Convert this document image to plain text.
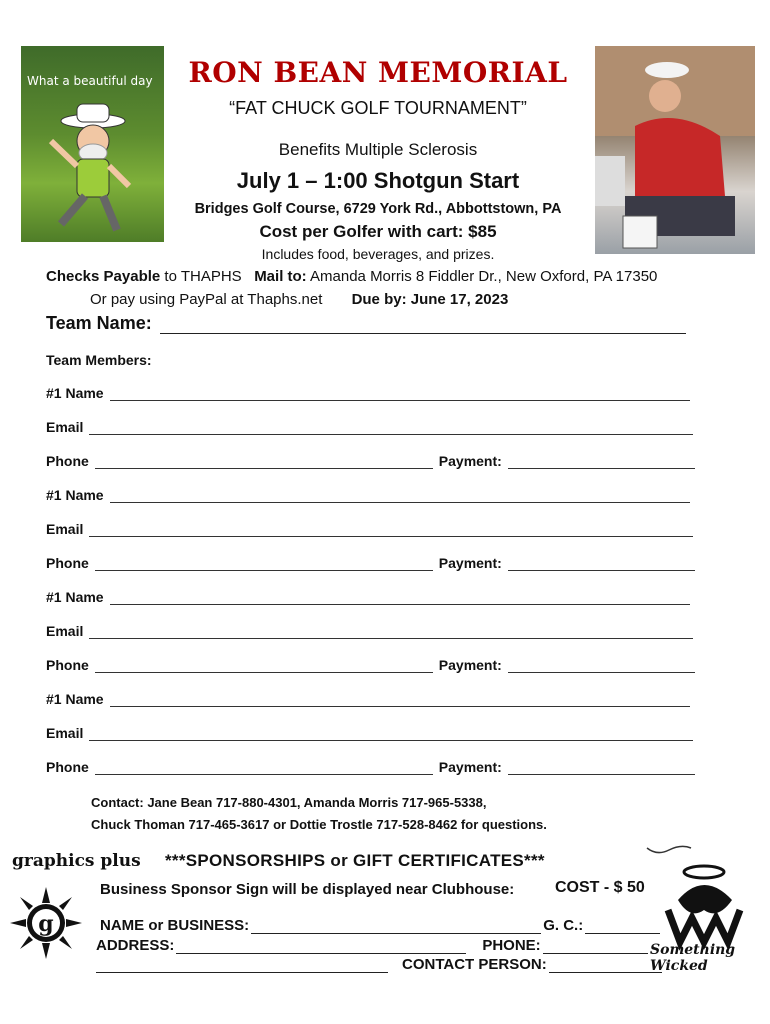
What a beautiful day	RON BEAN MEMORIAL
“FAT CHUCK GOLF TOURNAMENT”
Benefits Multiple Sclerosis
July 1 – 1:00 Shotgun Start
Bridges Golf Course, 6729 York Rd., Abbottstown, PA
Cost per Golfer with cart: $85
Includes food, beverages, and prizes.
Checks Payable to THAPHS Mail to: Amanda Morris 8 Fiddler Dr., New Oxford, PA 17350
Or pay using PayPal at Thaphs.net Due by: June 17, 2023
Team Name:
Team Members:
#1 Name
Email
Phone	Payment:
#1 Name
Email
Phone	Payment:
#1 Name
Email
Phone	Payment:
#1 Name
Email
Phone	Payment:
Contact: Jane Bean 717-880-4301, Amanda Morris 717-965-5338,
Chuck Thoman 717-465-3617 or Dottie Trostle 717-528-8462 for questions.
graphics plus ***SPONSORSHIPS or GIFT CERTIFICATES***
Business Sponsor Sign will be displayed near Clubhouse:	COST - $ 50
g	NAME or BUSINESS:	G. C.:
ADDRESS:	PHONE:
CONTACT PERSON:
Something Wicked
